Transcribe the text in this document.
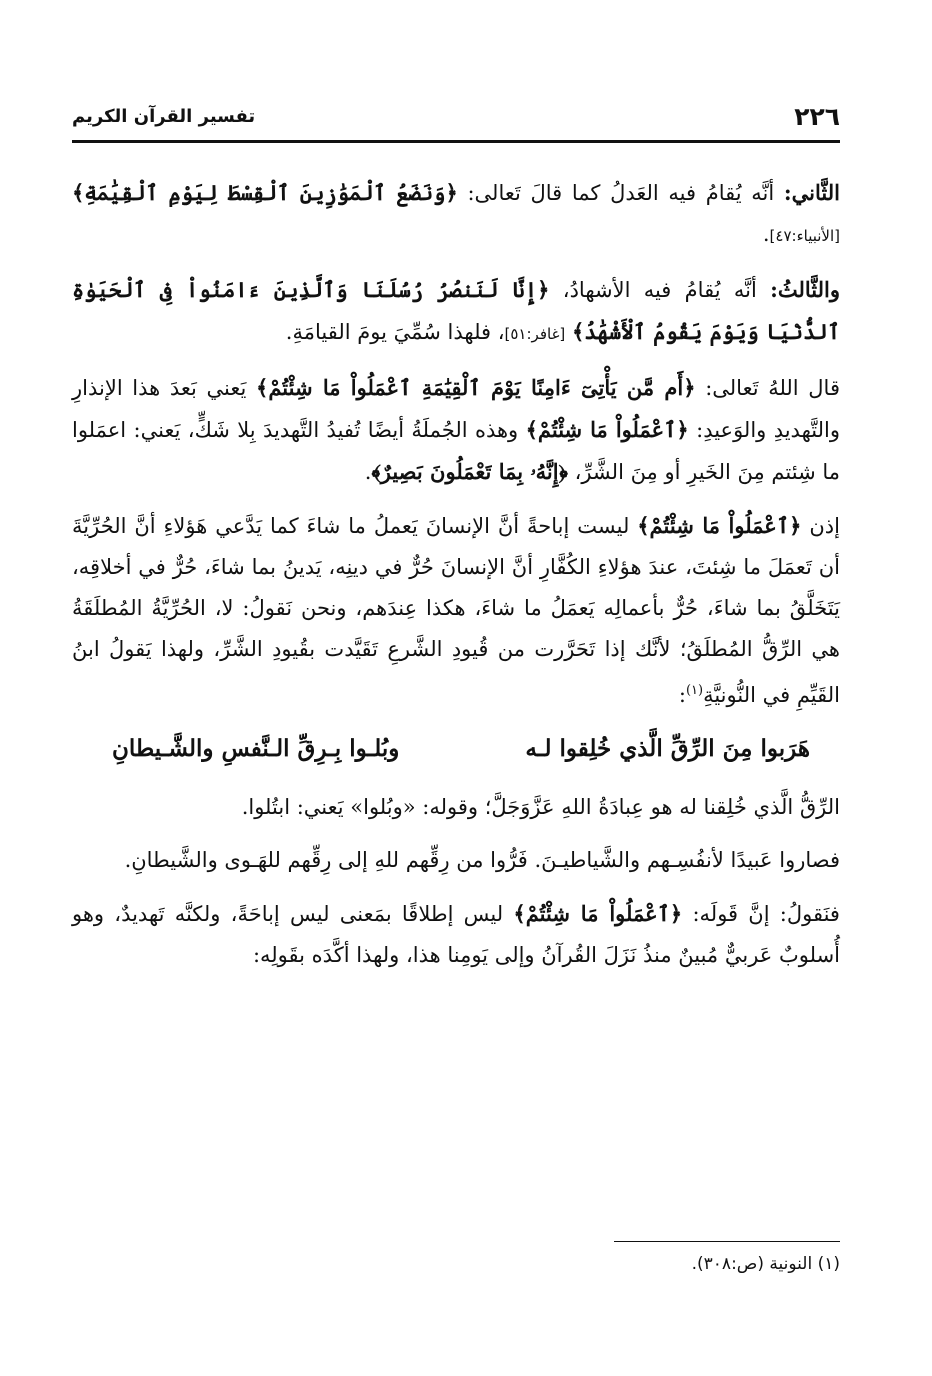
٢٢٦
تفسير القرآن الكريم

الثَّاني: أنَّه يُقامُ فيه العَدلُ كما قالَ تَعالى: ﴿وَنَضَعُ ٱلْمَوَٰزِينَ ٱلْقِسْطَ لِيَوْمِ ٱلْقِيَٰمَةِ﴾ [الأنبياء:٤٧].

والثَّالثُ: أنَّه يُقامُ فيه الأشهادُ، ﴿إِنَّا لَنَنصُرُ رُسُلَنَا وَٱلَّذِينَ ءَامَنُواْ فِى ٱلْحَيَوٰةِ ٱلدُّنْيَا وَيَوْمَ يَقُومُ ٱلْأَشْهَٰدُ﴾ [غافر:٥١]، فلهذا سُمِّيَ يومَ القيامَةِ.

قال اللهُ تَعالى: ﴿أَم مَّن يَأْتِىٓ ءَامِنًا يَوْمَ ٱلْقِيَٰمَةِ ٱعْمَلُواْ مَا شِئْتُمْ﴾ يَعني بَعدَ هذا الإنذارِ والتَّهديدِ والوَعيدِ: ﴿ٱعْمَلُواْ مَا شِئْتُمْ﴾ وهذه الجُملَةُ أيضًا تُفيدُ التَّهديدَ بِلا شَكٍّ، يَعني: اعمَلوا ما شِئتم مِنَ الخَيرِ أو مِنَ الشَّرِّ، ﴿إِنَّهُۥ بِمَا تَعْمَلُونَ بَصِيرٌ﴾.

إذن ﴿ٱعْمَلُواْ مَا شِئْتُمْ﴾ ليست إباحةً أنَّ الإنسانَ يَعملُ ما شاءَ كما يَدَّعي هَؤلاءِ أنَّ الحُرِّيَّةَ أن تَعمَلَ ما شِئتَ، عندَ هؤلاءِ الكُفَّارِ أنَّ الإنسانَ حُرٌّ في دينِه، يَدينُ بما شاءَ، حُرٌّ في أخلاقِه، يَتَخَلَّقُ بما شاءَ، حُرٌّ بأعمالِه يَعمَلُ ما شاءَ، هكذا عِندَهم، ونحن نَقولُ: لا، الحُرِّيَّةُ المُطلَقَةُ هي الرِّقُّ المُطلَقُ؛ لأنَّك إذا تَحَرَّرت من قُيودِ الشَّرعِ تَقَيَّدت بقُيودِ الشَّرِّ، ولهذا يَقولُ ابنُ القَيِّمِ في النُّونيَّةِ$^{(١)}$:

هَرَبوا مِنَ الرِّقِّ الَّذي خُلِقوا لـه
وبُلـوا بِـرِقِّ الـنَّفسِ والشَّـيطانِ

الرِّقُّ الَّذي خُلِقنا له هو عِبادَةُ اللهِ عَزَّوَجَلَّ؛ وقوله: «وبُلوا» يَعني: ابتُلوا.

فصاروا عَبيدًا لأنفُسِـهم والشَّياطيـنَ. فَرُّوا من رِقِّهم للهِ إلى رِقِّهم للهَـوى والشَّيطانِ.

فنَقولُ: إنَّ قَولَه: ﴿ٱعْمَلُواْ مَا شِئْتُمْ﴾ ليس إطلاقًا بمَعنى ليس إباحَةً، ولكنَّه تَهديدٌ، وهو أُسلوبٌ عَربيٌّ مُبينٌ منذُ نَزَلَ القُرآنُ وإلى يَومِنا هذا، ولهذا أكَّدَه بقَولِه:

(١) النونية (ص:٣٠٨).
